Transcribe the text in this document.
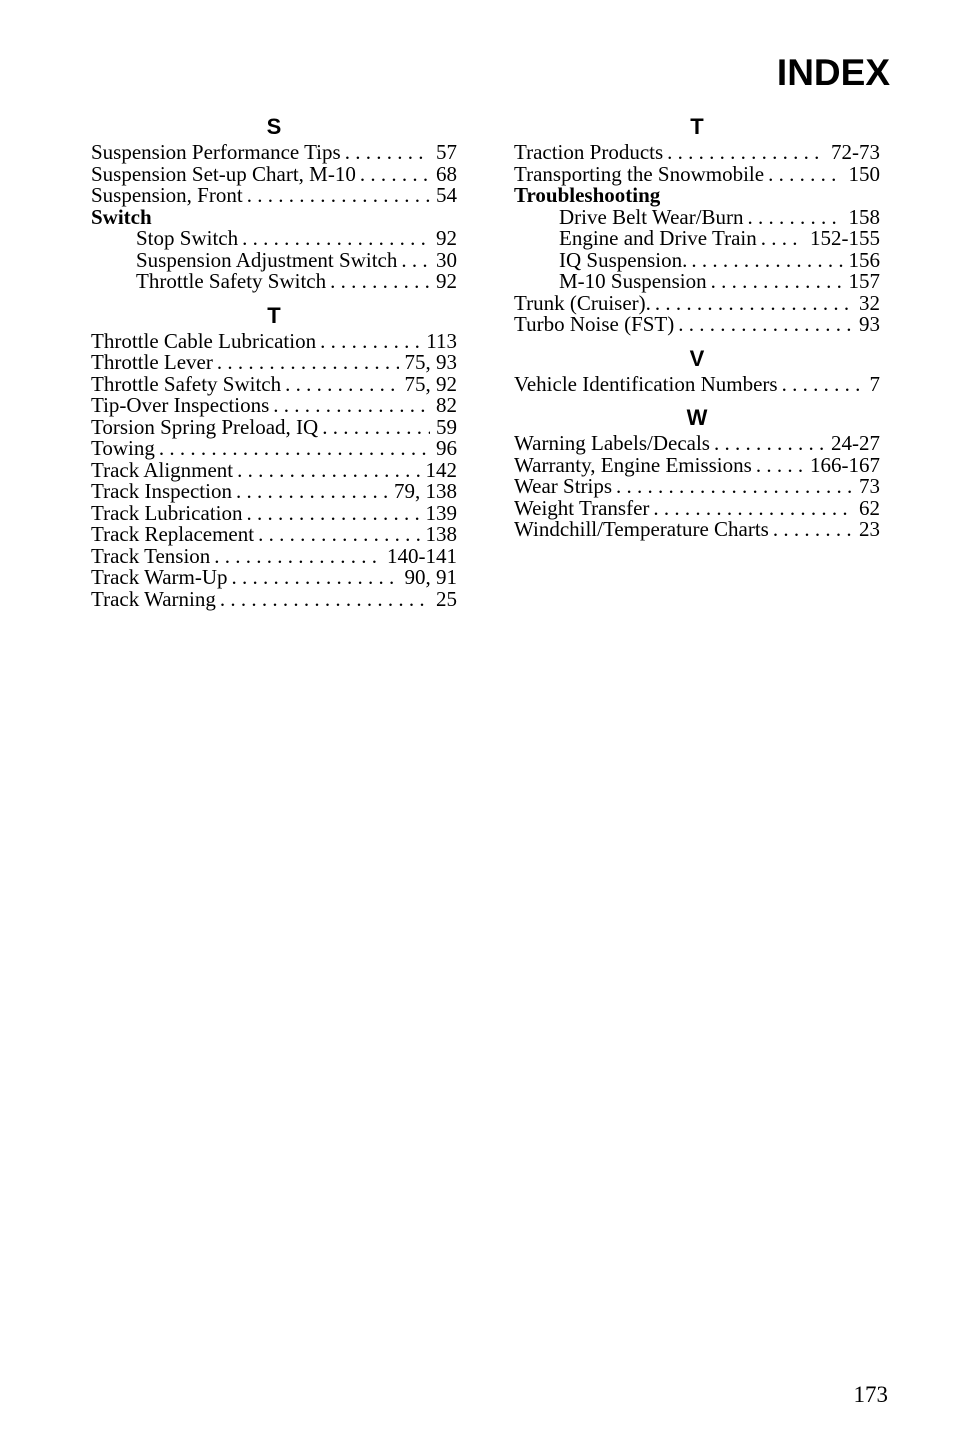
INDEX
S
Suspension Performance Tips . . .	57
Suspension Set-up Chart, M-10 . . .	68
Suspension, Front . . .	54
Switch
Stop Switch . . .	92
Suspension Adjustment Switch . . . 30
Throttle Safety Switch . . .	92
T
Throttle Cable Lubrication . . .	113
Throttle Lever . . .	75, 93
Throttle Safety Switch . . .	75, 92
Tip-Over Inspections . . .	82
Torsion Spring Preload, IQ . . .	59
Towing . . .	96
Track Alignment . . .	142
Track Inspection . . .	79, 138
Track Lubrication . . .	139
Track Replacement . . .	138
Track Tension . . .	140-141
Track Warm-Up . . .	90, 91
Track Warning . . .	25
T
Traction Products . . .	72-73
Transporting the Snowmobile . . .	150
Troubleshooting
Drive Belt Wear/Burn . . .	158
Engine and Drive Train . . .	152-155
IQ Suspension. . . .	156
M-10 Suspension . . .	157
Trunk (Cruiser). . . .	32
Turbo Noise (FST) . . .	93
V
Vehicle Identification Numbers . . .	7
W
Warning Labels/Decals . . .	24-27
Warranty, Engine Emissions . . .	166-167
Wear Strips . . .	73
Weight Transfer . . .	62
Windchill/Temperature Charts . . .	23
173
